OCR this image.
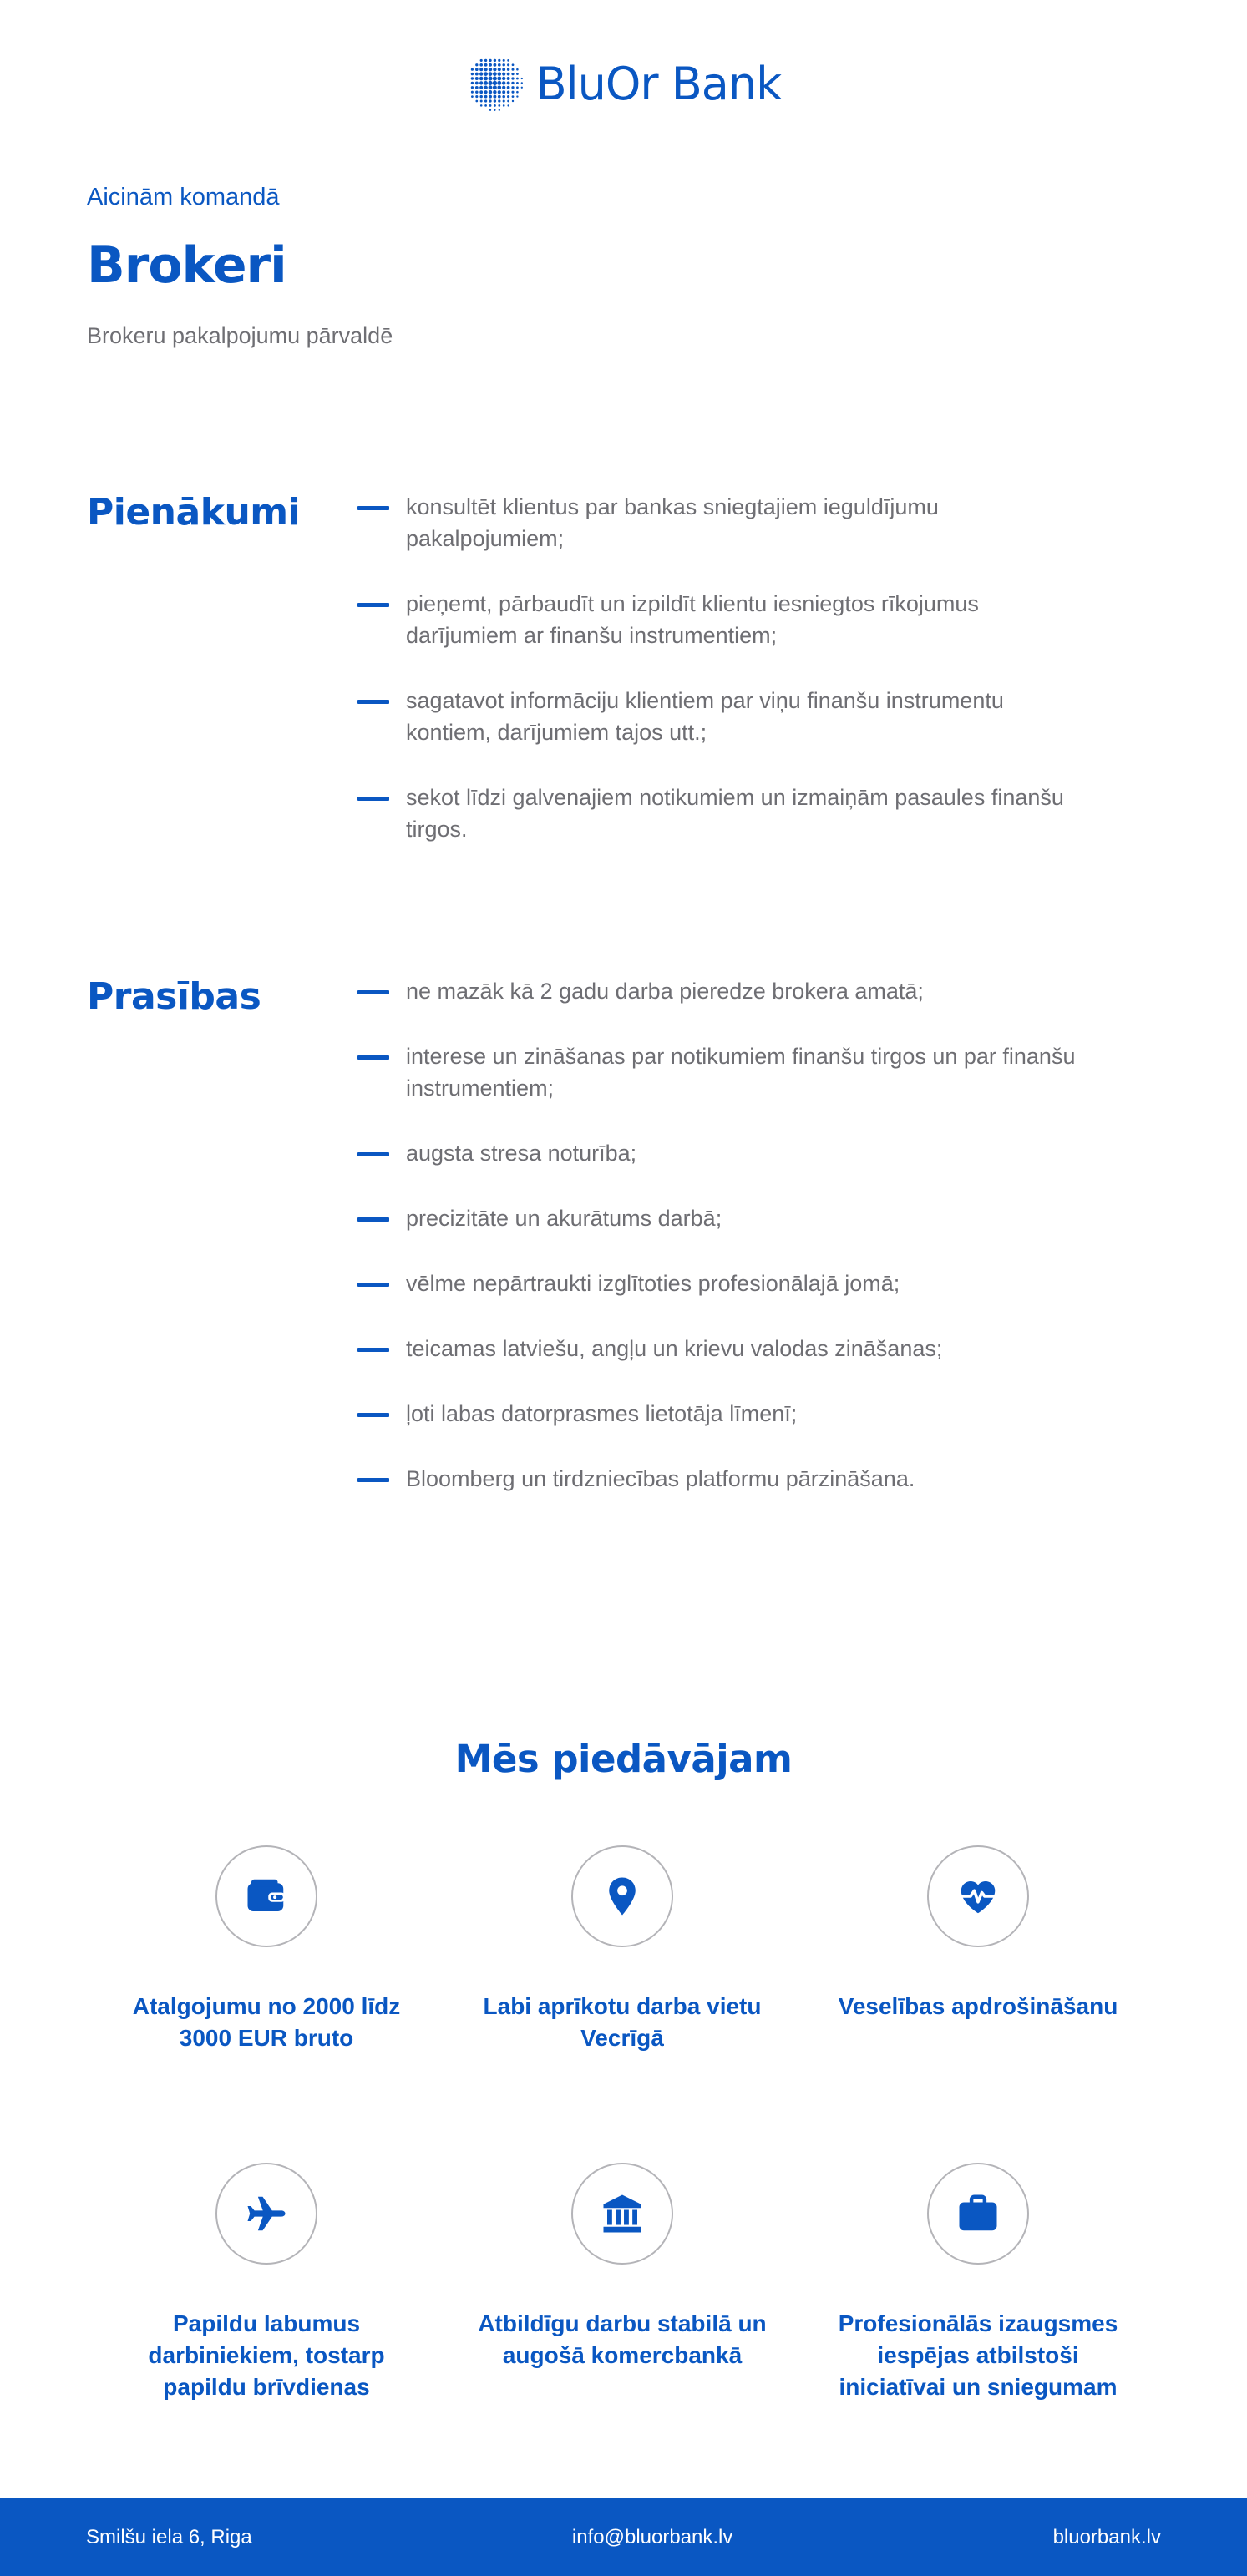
BluOr Bank
Aicinām komandā
Brokeri
Brokeru pakalpojumu pārvaldē
Pienākumi	konsultēt klientus par bankas sniegtajiem ieguldījumu pakalpojumiem;
pieņemt, pārbaudīt un izpildīt klientu iesniegtos rīkojumus darījumiem ar finanšu instrumentiem;
sagatavot informāciju klientiem par viņu finanšu instrumentu kontiem, darījumiem tajos utt.;
sekot līdzi galvenajiem notikumiem un izmaiņām pasaules finanšu tirgos.
Prasības	ne mazāk kā 2 gadu darba pieredze brokera amatā;
interese un zināšanas par notikumiem finanšu tirgos un par finanšu instrumentiem;
augsta stresa noturība;
precizitāte un akurātums darbā;
vēlme nepārtraukti izglītoties profesionālajā jomā;
teicamas latviešu, angļu un krievu valodas zināšanas;
ļoti labas datorprasmes lietotāja līmenī;
Bloomberg un tirdzniecības platformu pārzināšana.
Mēs piedāvājam
Atalgojumu no 2000 līdz 3000 EUR bruto
Labi aprīkotu darba vietu Vecrīgā
Veselības apdrošināšanu
Papildu labumus darbiniekiem, tostarp papildu brīvdienas
Atbildīgu darbu stabilā un augošā komercbankā
Profesionālās izaugsmes iespējas atbilstoši iniciatīvai un sniegumam
Smilšu iela 6, Riga	info@bluorbank.lv	bluorbank.lv
